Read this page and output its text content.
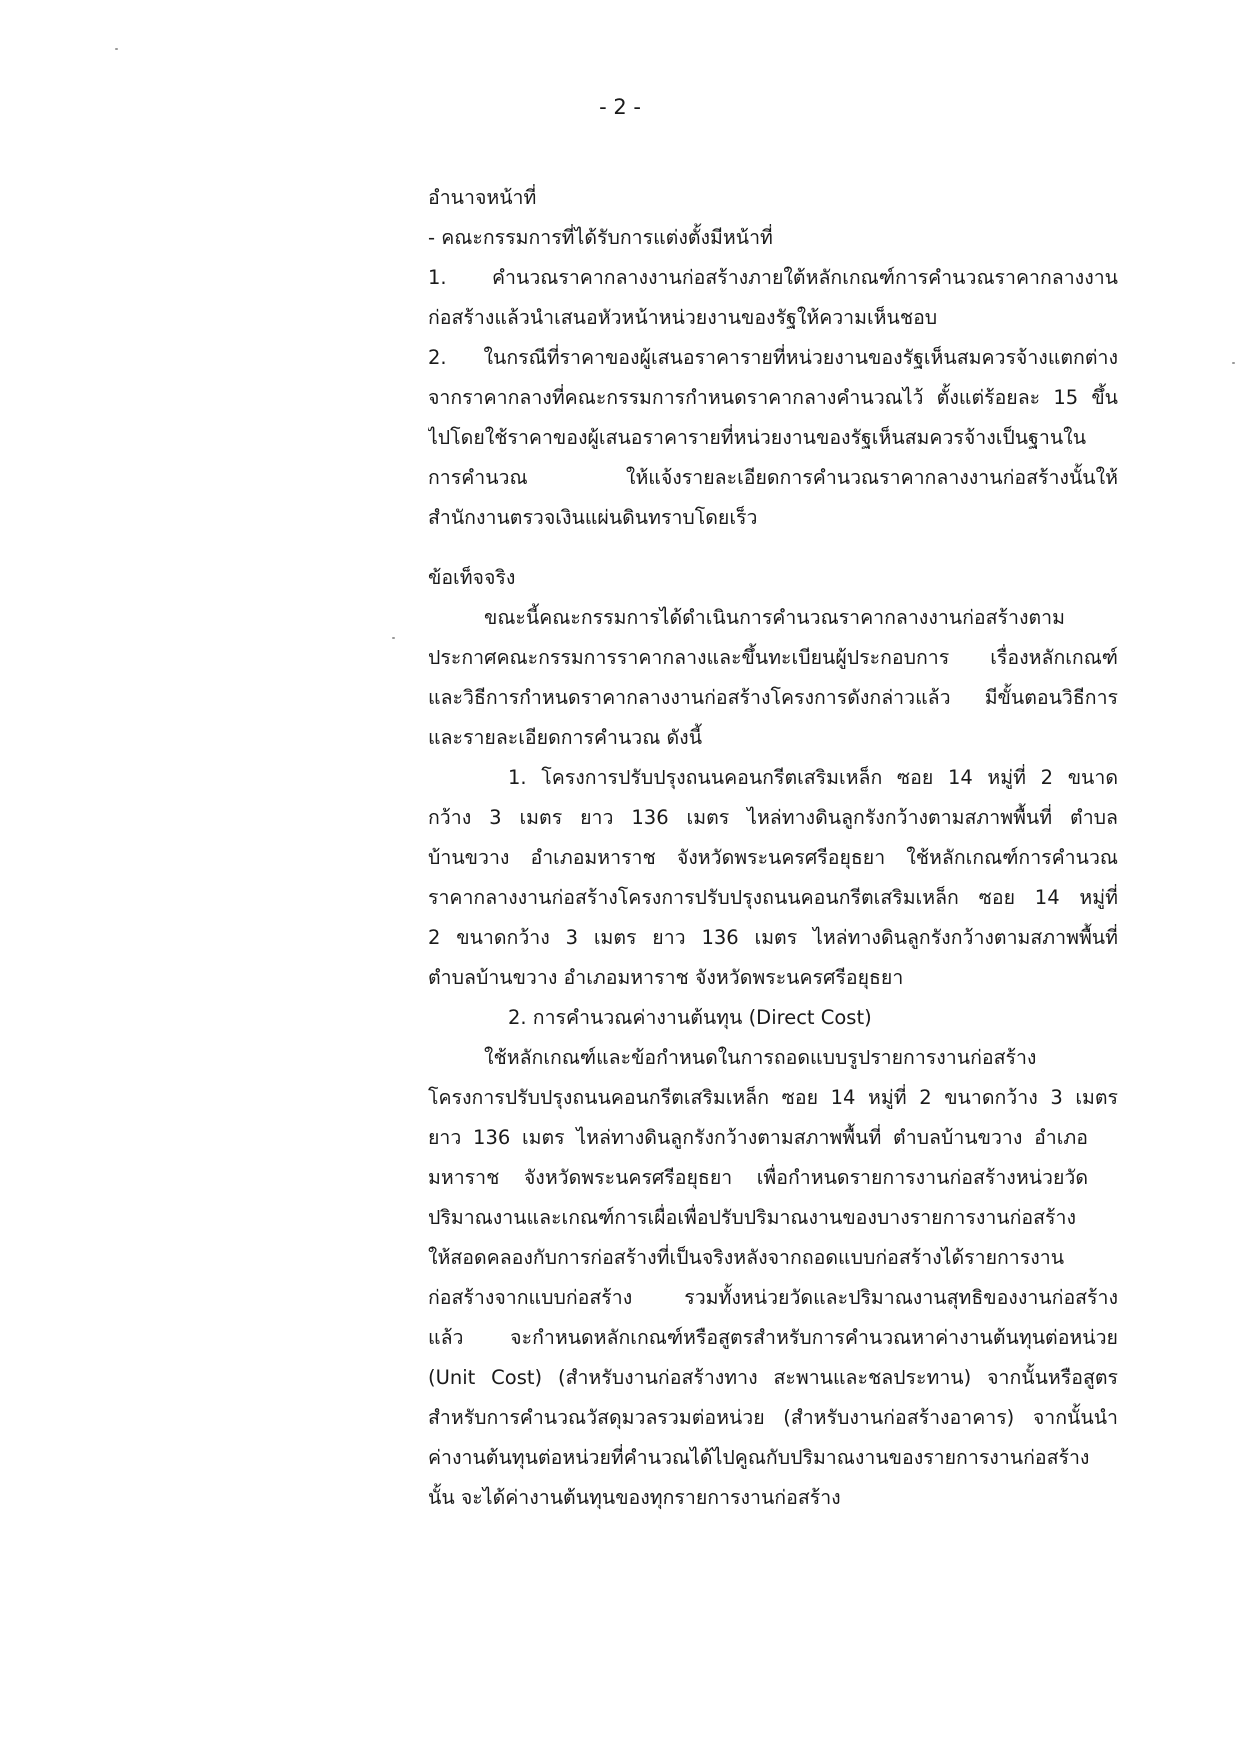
- 2 -
อำนาจหน้าที่
- คณะกรรมการที่ได้รับการแต่งตั้งมีหน้าที่
1. คำนวณราคากลางงานก่อสร้างภายใต้หลักเกณฑ์การคำนวณราคากลางงาน
ก่อสร้างแล้วนำเสนอหัวหน้าหน่วยงานของรัฐให้ความเห็นชอบ
2. ในกรณีที่ราคาของผู้เสนอราคารายที่หน่วยงานของรัฐเห็นสมควรจ้างแตกต่าง
จากราคากลางที่คณะกรรมการกำหนดราคากลางคำนวณไว้ ตั้งแต่ร้อยละ 15 ขึ้น
ไปโดยใช้ราคาของผู้เสนอราคารายที่หน่วยงานของรัฐเห็นสมควรจ้างเป็นฐานใน
การคำนวณ ให้แจ้งรายละเอียดการคำนวณราคากลางงานก่อสร้างนั้นให้
สำนักงานตรวจเงินแผ่นดินทราบโดยเร็ว
ข้อเท็จจริง
ขณะนี้คณะกรรมการได้ดำเนินการคำนวณราคากลางงานก่อสร้างตาม
ประกาศคณะกรรมการราคากลางและขึ้นทะเบียนผู้ประกอบการ เรื่องหลักเกณฑ์
และวิธีการกำหนดราคากลางงานก่อสร้างโครงการดังกล่าวแล้ว มีขั้นตอนวิธีการ
และรายละเอียดการคำนวณ ดังนี้
1. โครงการปรับปรุงถนนคอนกรีตเสริมเหล็ก ซอย 14 หมู่ที่ 2 ขนาด
กว้าง 3 เมตร ยาว 136 เมตร ไหล่ทางดินลูกรังกว้างตามสภาพพื้นที่ ตำบล
บ้านขวาง อำเภอมหาราช จังหวัดพระนครศรีอยุธยา ใช้หลักเกณฑ์การคำนวณ
ราคากลางงานก่อสร้างโครงการปรับปรุงถนนคอนกรีตเสริมเหล็ก ซอย 14 หมู่ที่
2 ขนาดกว้าง 3 เมตร ยาว 136 เมตร ไหล่ทางดินลูกรังกว้างตามสภาพพื้นที่
ตำบลบ้านขวาง อำเภอมหาราช จังหวัดพระนครศรีอยุธยา
2. การคำนวณค่างานต้นทุน (Direct Cost)
ใช้หลักเกณฑ์และข้อกำหนดในการถอดแบบรูปรายการงานก่อสร้าง
โครงการปรับปรุงถนนคอนกรีตเสริมเหล็ก ซอย 14 หมู่ที่ 2 ขนาดกว้าง 3 เมตร
ยาว 136 เมตร ไหล่ทางดินลูกรังกว้างตามสภาพพื้นที่ ตำบลบ้านขวาง อำเภอ
มหาราช จังหวัดพระนครศรีอยุธยา เพื่อกำหนดรายการงานก่อสร้างหน่วยวัด
ปริมาณงานและเกณฑ์การเผื่อเพื่อปรับปริมาณงานของบางรายการงานก่อสร้าง
ให้สอดคลองกับการก่อสร้างที่เป็นจริงหลังจากถอดแบบก่อสร้างได้รายการงาน
ก่อสร้างจากแบบก่อสร้าง รวมทั้งหน่วยวัดและปริมาณงานสุทธิของงานก่อสร้าง
แล้ว จะกำหนดหลักเกณฑ์หรือสูตรสำหรับการคำนวณหาค่างานต้นทุนต่อหน่วย
(Unit Cost) (สำหรับงานก่อสร้างทาง สะพานและชลประทาน) จากนั้นหรือสูตร
สำหรับการคำนวณวัสดุมวลรวมต่อหน่วย (สำหรับงานก่อสร้างอาคาร) จากนั้นนำ
ค่างานต้นทุนต่อหน่วยที่คำนวณได้ไปคูณกับปริมาณงานของรายการงานก่อสร้าง
นั้น จะได้ค่างานต้นทุนของทุกรายการงานก่อสร้าง
